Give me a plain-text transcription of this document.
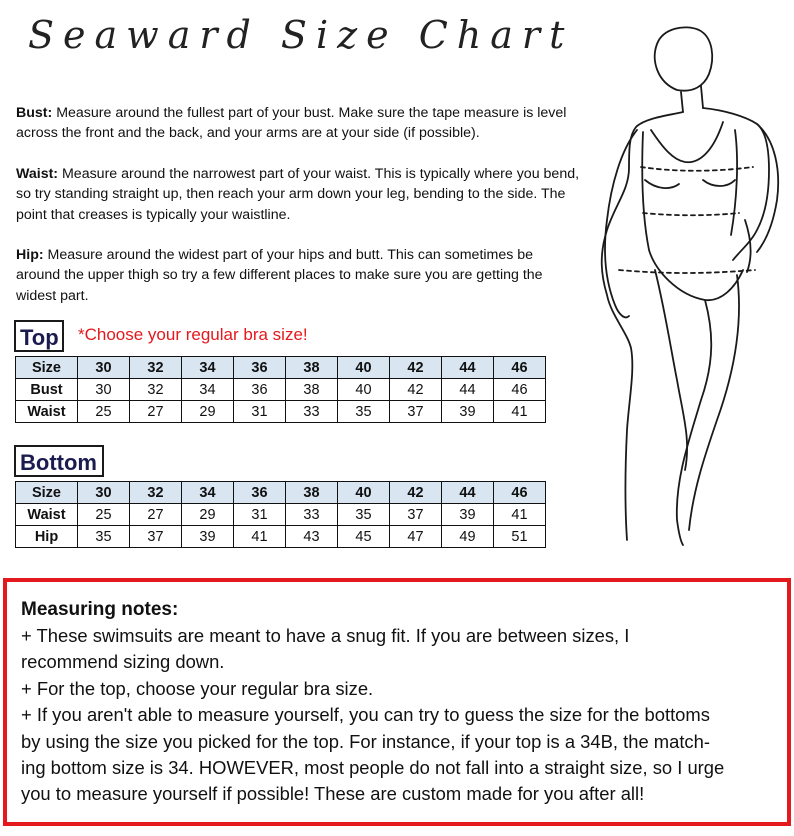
Seaward Size Chart

Bust: Measure around the fullest part of your bust. Make sure the tape measure is level across the front and the back, and your arms are at your side (if possible).

Waist: Measure around the narrowest part of your waist. This is typically where you bend, so try standing straight up, then reach your arm down your leg, bending to the side. The point that creases is typically your waistline.

Hip: Measure around the widest part of your hips and butt. This can sometimes be around the upper thigh so try a few different places to make sure you are getting the widest part.

Top	*Choose your regular bra size!
Size	30	32	34	36	38	40	42	44	46
Bust	30	32	34	36	38	40	42	44	46
Waist	25	27	29	31	33	35	37	39	41
Bottom
Size	30	32	34	36	38	40	42	44	46
Waist	25	27	29	31	33	35	37	39	41
Hip	35	37	39	41	43	45	47	49	51
Measuring notes:

+ These swimsuits are meant to have a snug fit. If you are between sizes, I

recommend sizing down.

+ For the top, choose your regular bra size.

+ If you aren't able to measure yourself, you can try to guess the size for the bottoms

by using the size you picked for the top. For instance, if your top is a 34B, the match-

ing bottom size is 34. HOWEVER, most people do not fall into a straight size, so I urge

you to measure yourself if possible! These are custom made for you after all!
